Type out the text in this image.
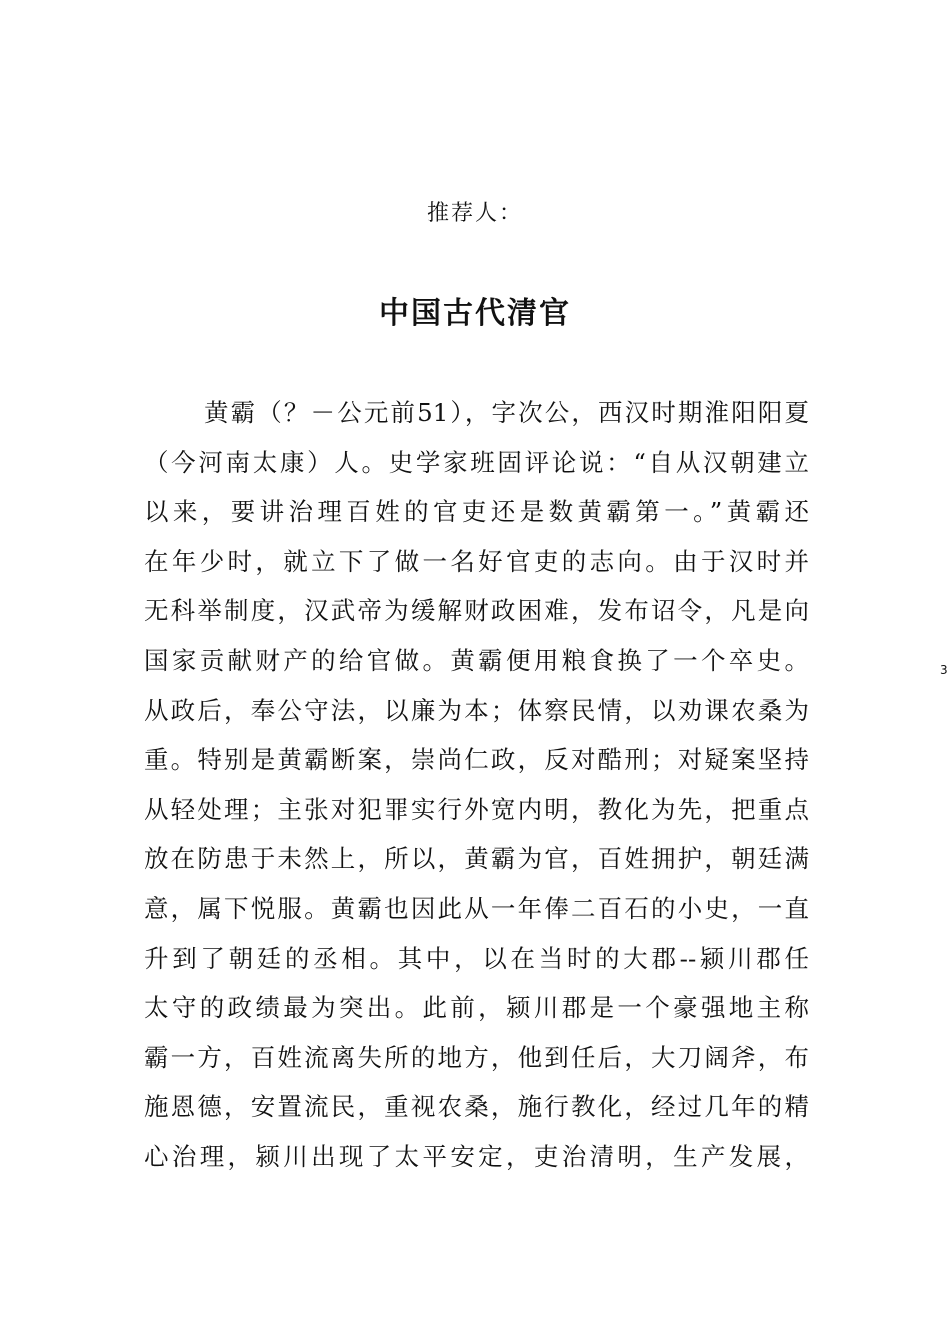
推荐人：
中国古代清官
黄霸（？－公元前51），字次公，西汉时期淮阳阳夏
（今河南太康）人。史学家班固评论说：“自从汉朝建立
以来，要讲治理百姓的官吏还是数黄霸第一。”黄霸还
在年少时，就立下了做一名好官吏的志向。由于汉时并
无科举制度，汉武帝为缓解财政困难，发布诏令，凡是向
国家贡献财产的给官做。黄霸便用粮食换了一个卒史。
从政后，奉公守法，以廉为本；体察民情，以劝课农桑为
重。特别是黄霸断案，崇尚仁政，反对酷刑；对疑案坚持
从轻处理；主张对犯罪实行外宽内明，教化为先，把重点
放在防患于未然上，所以，黄霸为官，百姓拥护，朝廷满
意，属下悦服。黄霸也因此从一年俸二百石的小史，一直
升到了朝廷的丞相。其中，以在当时的大郡--颍川郡任
太守的政绩最为突出。此前，颍川郡是一个豪强地主称
霸一方，百姓流离失所的地方，他到任后，大刀阔斧，布
施恩德，安置流民，重视农桑，施行教化，经过几年的精
心治理，颍川出现了太平安定，吏治清明，生产发展，
3
